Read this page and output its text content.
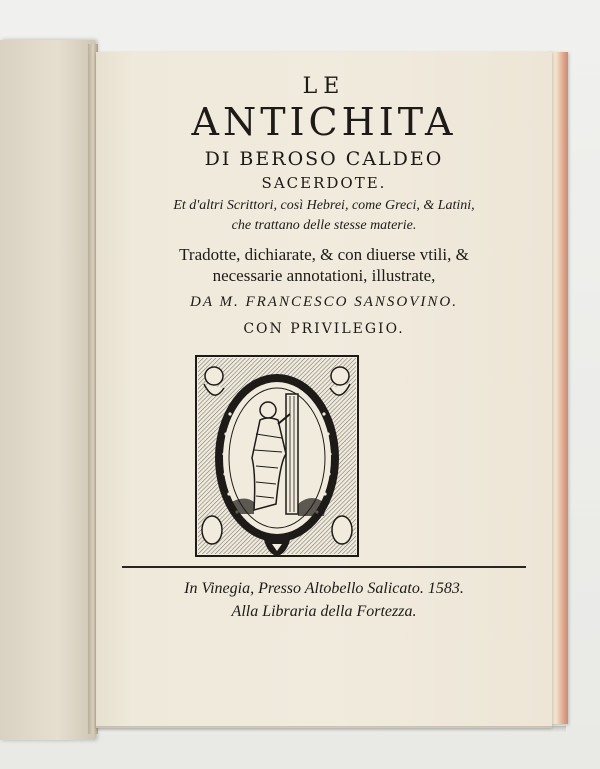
LE
ANTICHITA
DI BEROSO CALDEO
SACERDOTE.
Et d'altri Scrittori, così Hebrei, come Greci, & Latini,
che trattano delle stesse materie.
Tradotte, dichiarate, & con diuerse vtili, &
necessarie annotationi, illustrate,
DA M. FRANCESCO SANSOVINO.
CON PRIVILEGIO.
In Vinegia, Presso Altobello Salicato. 1583.
Alla Libraria della Fortezza.
